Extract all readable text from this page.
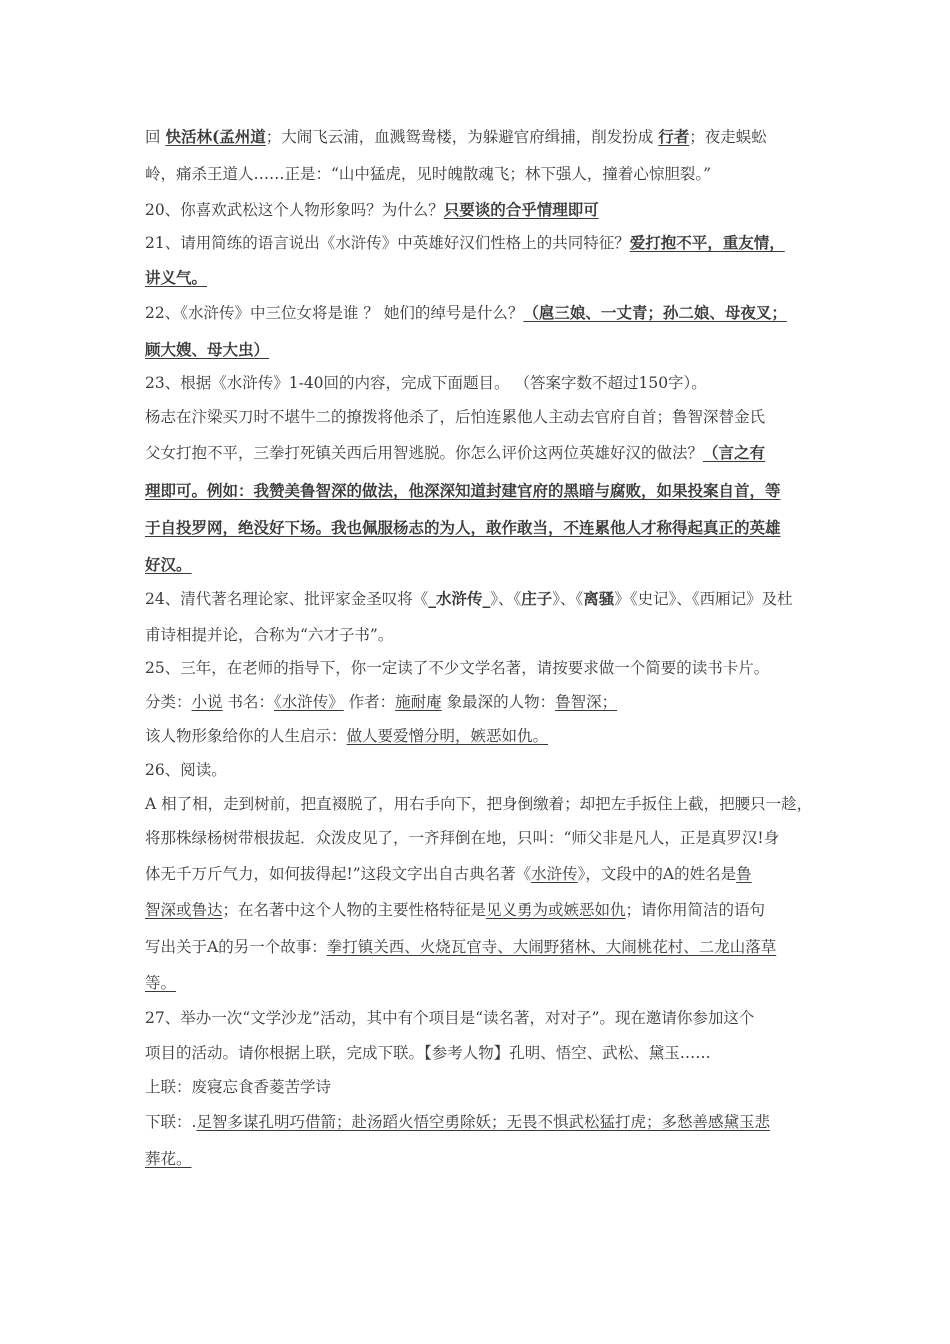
回 快活林(孟州道；大闹飞云浦，血溅鸳鸯楼，为躲避官府缉捕，削发扮成 行者；夜走蜈蚣
岭，痛杀王道人……正是：“山中猛虎，见时魄散魂飞；林下强人，撞着心惊胆裂。”
20、你喜欢武松这个人物形象吗？为什么？只要谈的合乎情理即可
21、请用简练的语言说出《水浒传》中英雄好汉们性格上的共同特征？爱打抱不平，重友情，
讲义气。
22、《水浒传》中三位女将是谁 ？ 她们的绰号是什么？（扈三娘、一丈青；孙二娘、母夜叉；
顾大嫂、母大虫）
23、根据《水浒传》1-40回的内容，完成下面题目。 （答案字数不超过150字）。
杨志在汴梁买刀时不堪牛二的撩拨将他杀了，后怕连累他人主动去官府自首；鲁智深替金氏
父女打抱不平，三拳打死镇关西后用智逃脱。你怎么评价这两位英雄好汉的做法？（言之有
理即可。例如：我赞美鲁智深的做法，他深深知道封建官府的黑暗与腐败，如果投案自首，等
于自投罗网，绝没好下场。我也佩服杨志的为人，敢作敢当，不连累他人才称得起真正的英雄
好汉。
24、清代著名理论家、批评家金圣叹将《_水浒传_》、《庄子》、《离骚》《史记》、《西厢记》及杜
甫诗相提并论，合称为“六才子书”。
25、三年，在老师的指导下，你一定读了不少文学名著，请按要求做一个简要的读书卡片。
分类：小说 书名：《水浒传》 作者：施耐庵 象最深的人物：鲁智深；
该人物形象给你的人生启示：做人要爱憎分明，嫉恶如仇。
26、阅读。
A 相了相，走到树前，把直裰脱了，用右手向下，把身倒缴着；却把左手扳住上截，把腰只一趁，
将那株绿杨树带根拔起．众泼皮见了，一齐拜倒在地，只叫：“师父非是凡人，正是真罗汉!身
体无千万斤气力，如何拔得起!”这段文字出自古典名著《水浒传》，文段中的A的姓名是鲁
智深或鲁达；在名著中这个人物的主要性格特征是见义勇为或嫉恶如仇；请你用简洁的语句
写出关于A的另一个故事：拳打镇关西、火烧瓦官寺、大闹野猪林、大闹桃花村、二龙山落草
等。
27、举办一次“文学沙龙”活动，其中有个项目是“读名著，对对子”。现在邀请你参加这个
项目的活动。请你根据上联，完成下联。【参考人物】孔明、悟空、武松、黛玉……
上联：废寝忘食香菱苦学诗
下联：.足智多谋孔明巧借箭；赴汤蹈火悟空勇除妖；无畏不惧武松猛打虎；多愁善感黛玉悲
葬花。
